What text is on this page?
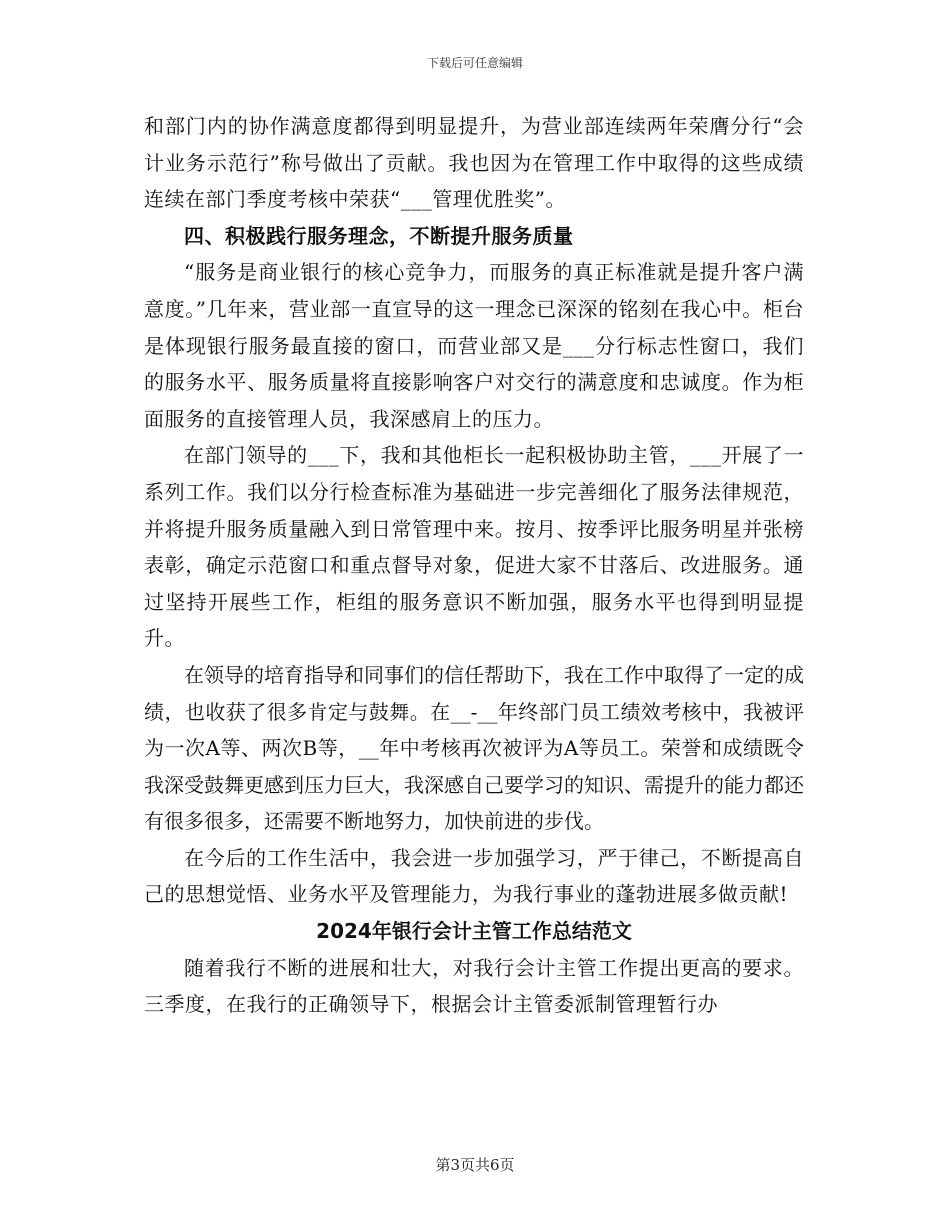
下载后可任意编辑

和部门内的协作满意度都得到明显提升，为营业部连续两年荣膺分行“会计业务示范行”称号做出了贡献。我也因为在管理工作中取得的这些成绩连续在部门季度考核中荣获“___管理优胜奖”。

四、积极践行服务理念，不断提升服务质量

“服务是商业银行的核心竞争力，而服务的真正标准就是提升客户满意度。”几年来，营业部一直宣导的这一理念已深深的铭刻在我心中。柜台是体现银行服务最直接的窗口，而营业部又是___分行标志性窗口，我们的服务水平、服务质量将直接影响客户对交行的满意度和忠诚度。作为柜面服务的直接管理人员，我深感肩上的压力。

在部门领导的___下，我和其他柜长一起积极协助主管，___开展了一系列工作。我们以分行检查标准为基础进一步完善细化了服务法律规范，并将提升服务质量融入到日常管理中来。按月、按季评比服务明星并张榜表彰，确定示范窗口和重点督导对象，促进大家不甘落后、改进服务。通过坚持开展些工作，柜组的服务意识不断加强，服务水平也得到明显提升。

在领导的培育指导和同事们的信任帮助下，我在工作中取得了一定的成绩，也收获了很多肯定与鼓舞。在__-__年终部门员工绩效考核中，我被评为一次A等、两次B等，__年中考核再次被评为A等员工。荣誉和成绩既令我深受鼓舞更感到压力巨大，我深感自己要学习的知识、需提升的能力都还有很多很多，还需要不断地努力，加快前进的步伐。

在今后的工作生活中，我会进一步加强学习，严于律己，不断提高自己的思想觉悟、业务水平及管理能力，为我行事业的蓬勃进展多做贡献!

2024年银行会计主管工作总结范文

随着我行不断的进展和壮大，对我行会计主管工作提出更高的要求。三季度，在我行的正确领导下，根据会计主管委派制管理暂行办

第3页共6页
